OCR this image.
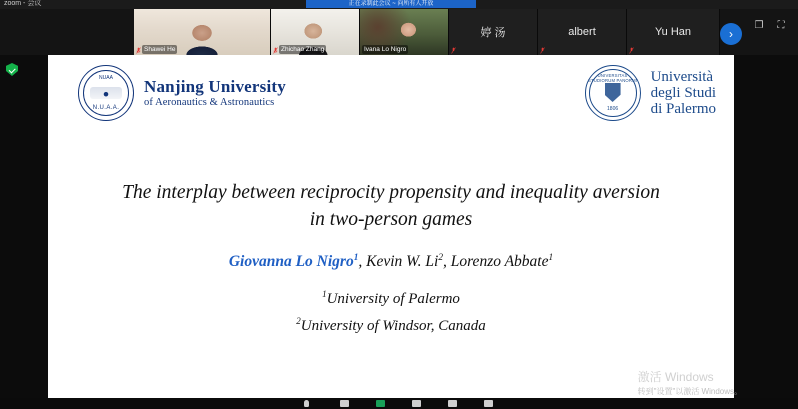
zoom - 会议	正在录制此会议 ~ 向所有人开放
Shawei He	Zhichao Zhang	Ivana Lo Nigro
婷 汤	albert	Yu Han	›
❐	⛶
NUAA
N.U.A.A.
Nanjing University
of Aeronautics & Astronautics
UNIVERSITAS STUDIORUM PANORMI
1806
Università
degli Studi
di Palermo
The interplay between reciprocity propensity and inequality aversion
in two-person games
Giovanna Lo Nigro$^1$, Kevin W. Li$^2$, Lorenzo Abbate$^1$
$^1$University of Palermo
$^2$University of Windsor, Canada
激活 Windows
转到"设置"以激活 Windows。
